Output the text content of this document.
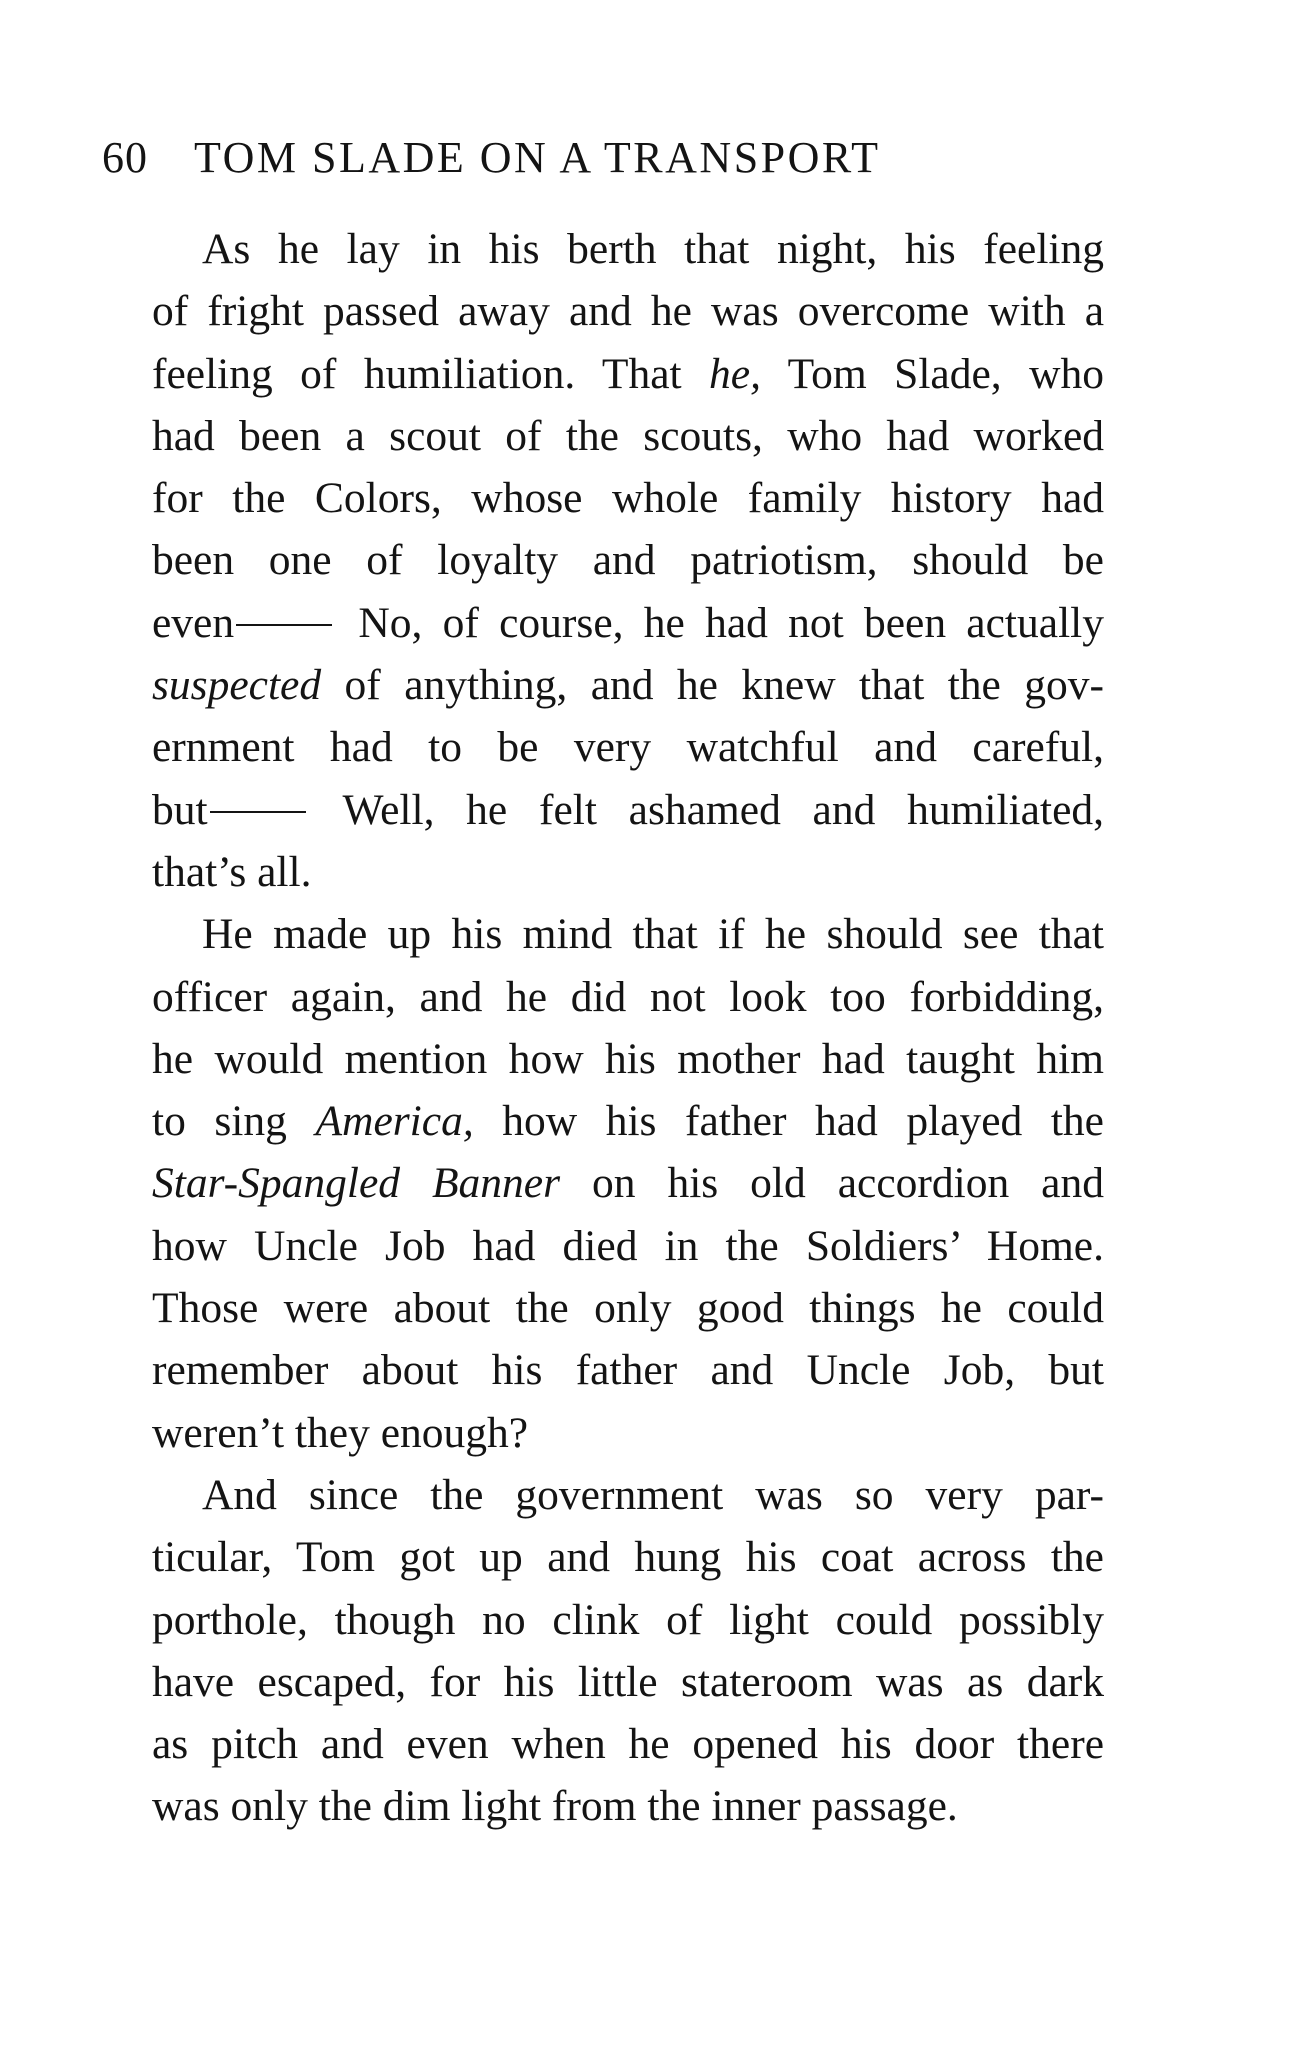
60 TOM SLADE ON A TRANSPORT
As he lay in his berth that night, his feeling
of fright passed away and he was overcome with a
feeling of humiliation. That he, Tom Slade, who
had been a scout of the scouts, who had worked
for the Colors, whose whole family history had
been one of loyalty and patriotism, should be
even No, of course, he had not been actually
suspected of anything, and he knew that the gov-
ernment had to be very watchful and careful,
but Well, he felt ashamed and humiliated,
that’s all.
He made up his mind that if he should see that
officer again, and he did not look too forbidding,
he would mention how his mother had taught him
to sing America, how his father had played the
Star-Spangled Banner on his old accordion and
how Uncle Job had died in the Soldiers’ Home.
Those were about the only good things he could
remember about his father and Uncle Job, but
weren’t they enough?
And since the government was so very par-
ticular, Tom got up and hung his coat across the
porthole, though no clink of light could possibly
have escaped, for his little stateroom was as dark
as pitch and even when he opened his door there
was only the dim light from the inner passage.
